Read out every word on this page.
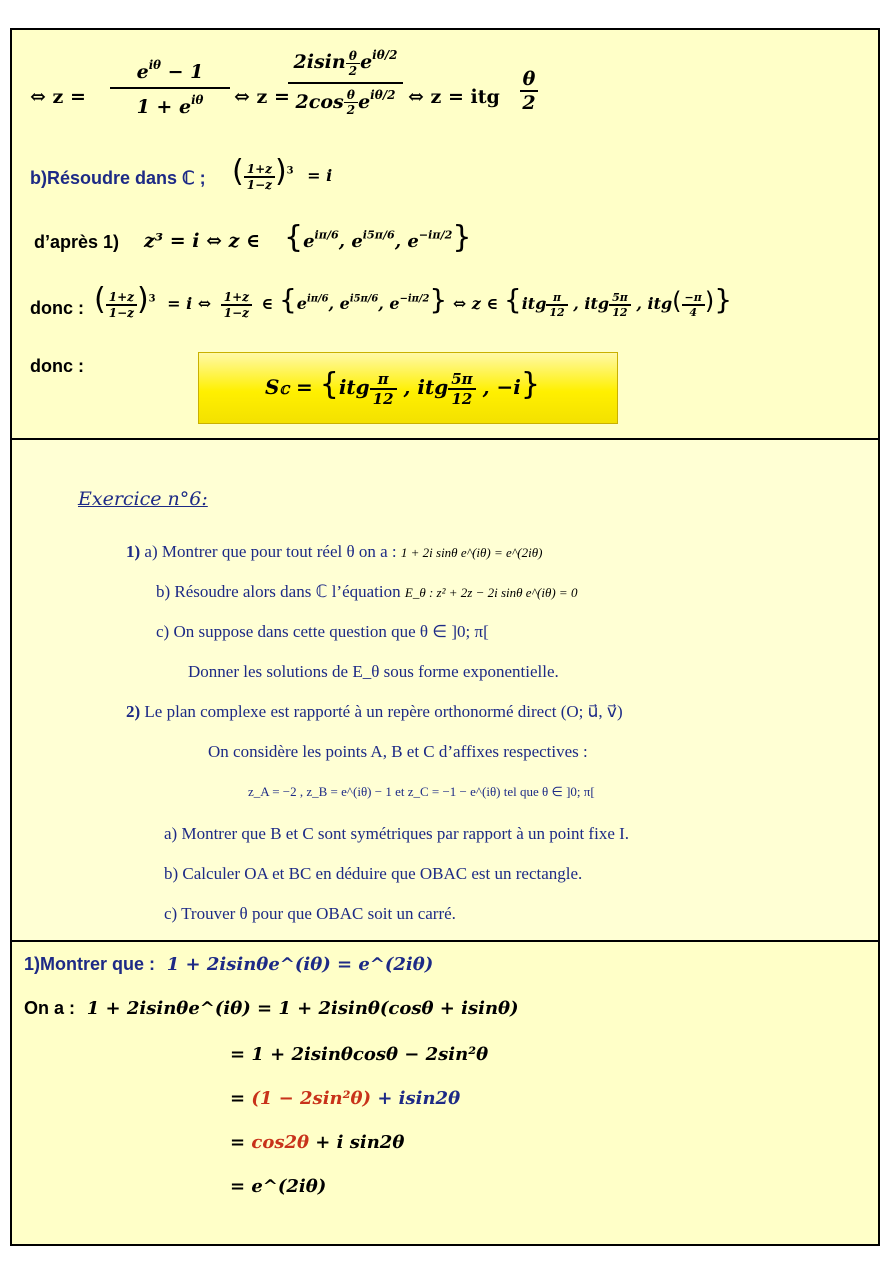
⇔ z =
$e^{i\theta} - 1$
$1 + e^{i\theta}$	⇔ z =
$2isin \frac{\theta}{2} e^{i\theta/2}$
$2\cos \frac{\theta}{2} e^{i\theta/2}$ ⇔ z = itg
θ
2
b)Résoudre dans ℂ ; ( $\frac{1+z}{1-z} )^3 = i$
d’après 1) z³ = i ⇔ z ∈ {$e^{i\pi/6}$, $e^{i5\pi/6}$, $e^{-i\pi/2}$}
donc : ( $\frac{1+z}{1-z} )^3 = i$ ⇔ $\frac{1+z}{1-z}$ ∈ {$e^{i\pi/6}$, $e^{i5\pi/6}$, $e^{-i\pi/2}$} ⇔ z ∈ {$itg \frac{\pi}{12}$ , itg $\frac{5\pi}{12}$ , $itg( \frac{-\pi}{4}$ )}
donc :
Sℂ = {$itg \frac{\pi}{12}$ , itg $\frac{5\pi}{12}$ , −i}
Exercice n°6:
1) a) Montrer que pour tout réel θ on a : 1 + 2i sinθ e^(iθ) = e^(2iθ)
b) Résoudre alors dans ℂ l’équation E_θ : z² + 2z − 2i sinθ e^(iθ) = 0
c) On suppose dans cette question que θ ∈ ]0; π[
Donner les solutions de E_θ sous forme exponentielle.
2) Le plan complexe est rapporté à un repère orthonormé direct (O; u⃗, v⃗)
On considère les points A, B et C d’affixes respectives :
z_A = −2 , z_B = e^(iθ) − 1 et z_C = −1 − e^(iθ) tel que θ ∈ ]0; π[
a) Montrer que B et C sont symétriques par rapport à un point fixe I.
b) Calculer OA et BC en déduire que OBAC est un rectangle.
c) Trouver θ pour que OBAC soit un carré.
1)Montrer que : 1 + 2isinθe^(iθ) = e^(2iθ)
On a : 1 + 2isinθe^(iθ) = 1 + 2isinθ(cosθ + isinθ)
= 1 + 2isinθcosθ − 2sin²θ
= (1 − 2sin²θ) + isin2θ
= cos2θ + i sin2θ
= e^(2iθ)
